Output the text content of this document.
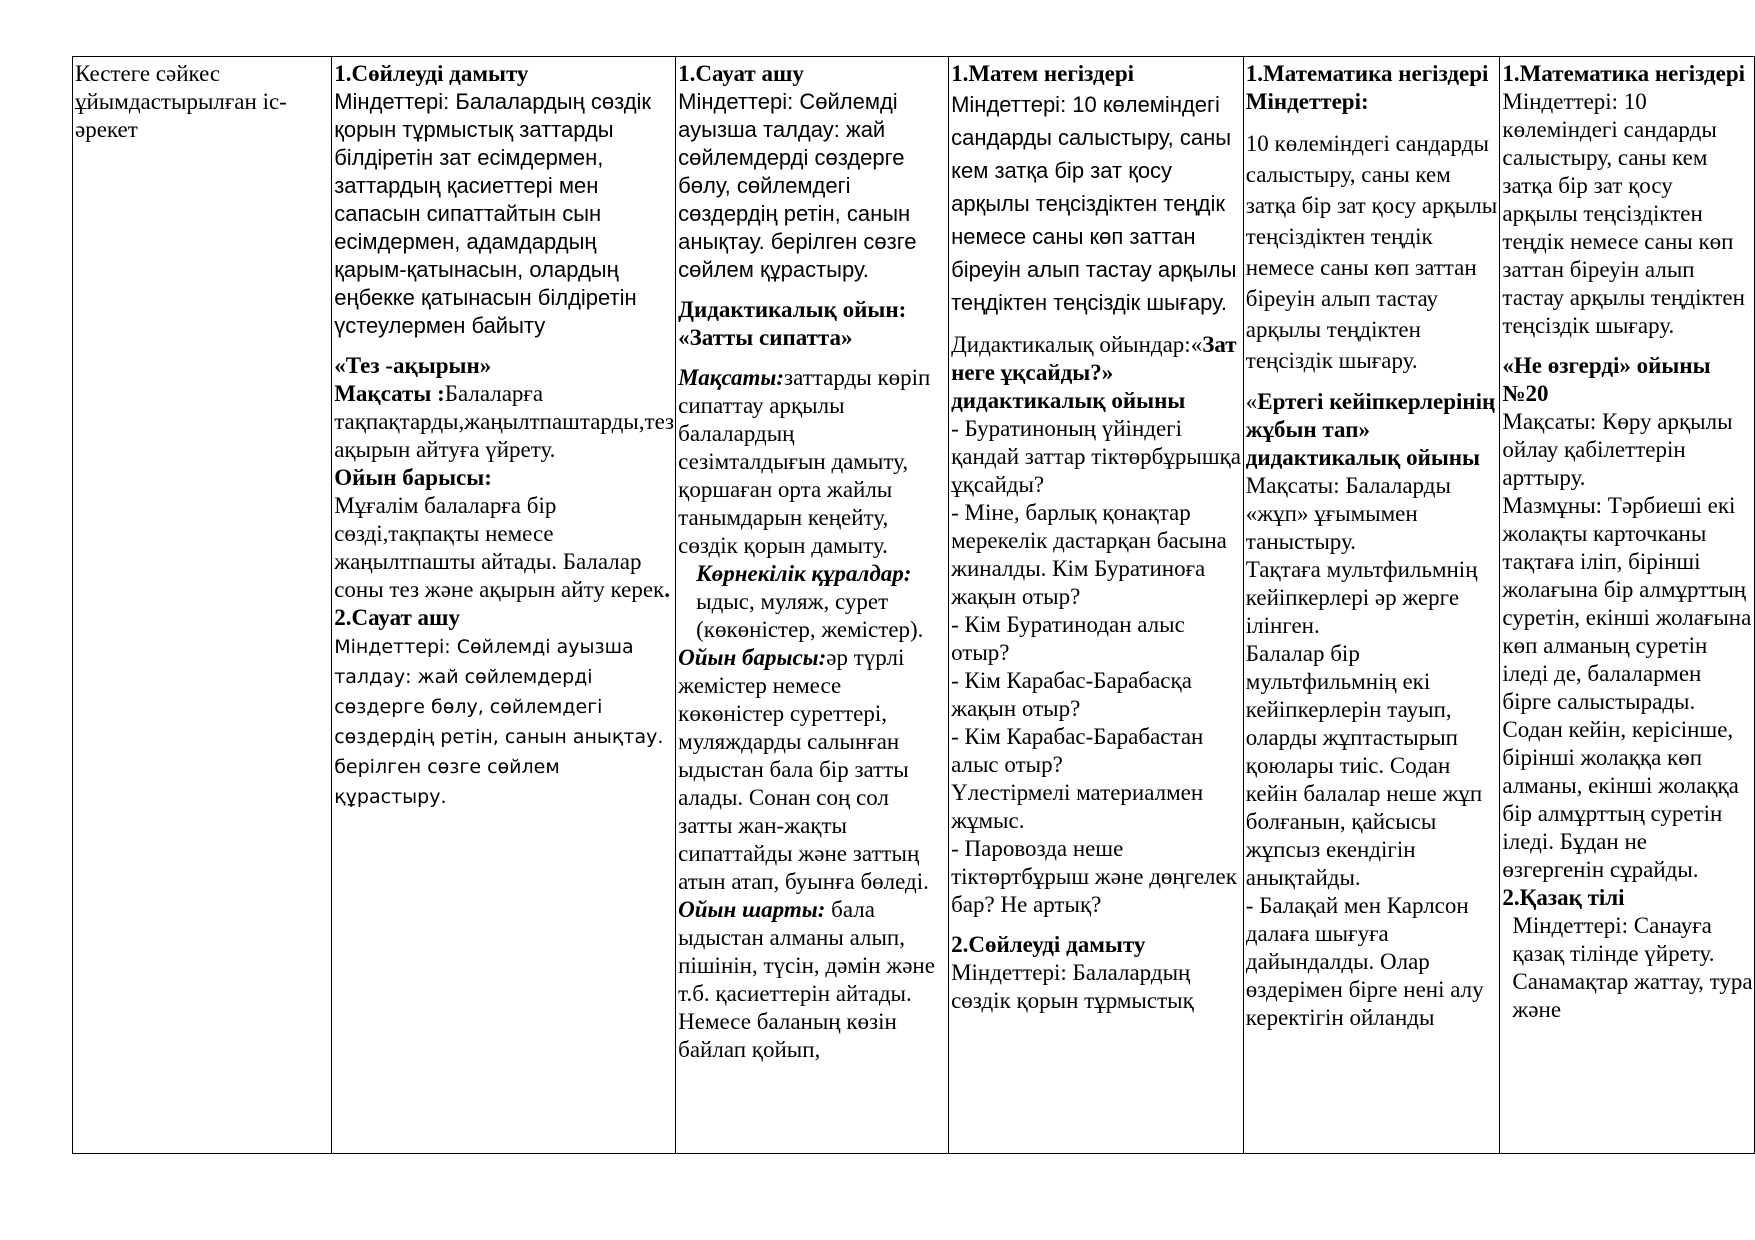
Кестеге сәйкес ұйымдастырылған іс-әрекет

1.Сөйлеуді дамыту
Міндеттері: Балалардың сөздік қорын тұрмыстық заттарды білдіретін зат есімдермен, заттардың қасиеттері мен сапасын сипаттайтын сын есімдермен, адамдардың қарым-қатынасын, олардың еңбекке қатынасын білдіретін үстеулермен байыту
«Тез -ақырын»
Мақсаты :Балаларға тақпақтарды,жаңылтпаштарды,тез ақырын айтуға үйрету.
Ойын барысы:
Мұғалім балаларға бір сөзді,тақпақты немесе жаңылтпашты айтады. Балалар соны тез және ақырын айту керек.
2.Сауат ашу
Міндеттері: Сөйлемді ауызша талдау: жай сөйлемдерді сөздерге бөлу, сөйлемдегі сөздердің ретін, санын анықтау. берілген сөзге сөйлем құрастыру.

1.Сауат ашу
Міндеттері: Сөйлемді ауызша талдау: жай сөйлемдерді сөздерге бөлу, сөйлемдегі сөздердің ретін, санын анықтау. берілген сөзге сөйлем құрастыру.
Дидактикалық ойын: «Затты сипатта»
Мақсаты:заттарды көріп сипаттау арқылы балалардың сезімталдығын дамыту, қоршаған орта жайлы танымдарын кеңейту, сөздік қорын дамыту.
Көрнекілік құралдар: ыдыс, муляж, сурет (көкөністер, жемістер).
Ойын барысы:әр түрлі жемістер немесе көкөністер суреттері, муляждарды салынған ыдыстан бала бір затты алады. Сонан соң сол затты жан-жақты сипаттайды және заттың атын атап, буынға бөледі.
Ойын шарты: бала ыдыстан алманы алып, пішінін, түсін, дәмін және т.б. қасиеттерін айтады. Немесе баланың көзін байлап қойып,

1.Матем негіздері
Міндеттері: 10 көлеміндегі сандарды салыстыру, саны кем затқа бір зат қосу арқылы теңсіздіктен теңдік немесе саны көп заттан біреуін алып тастау арқылы теңдіктен теңсіздік шығару.
Дидактикалық ойындар:«Зат неге ұқсайды?» дидактикалық ойыны
- Буратиноның үйіндегі қандай заттар тіктөрбұрышқа ұқсайды?
- Міне, барлық қонақтар мерекелік дастарқан басына жиналды. Кім Буратиноға жақын отыр?
- Кім Буратинодан алыс отыр?
- Кім Карабас-Барабасқа жақын отыр?
- Кім Карабас-Барабастан алыс отыр?
Үлестірмелі материалмен жұмыс.
- Паровозда неше тіктөртбұрыш және дөңгелек бар? Не артық?
2.Сөйлеуді дамыту
Міндеттері: Балалардың сөздік қорын тұрмыстық

1.Математика негіздері Міндеттері:
10 көлеміндегі сандарды салыстыру, саны кем затқа бір зат қосу арқылы теңсіздіктен теңдік немесе саны көп заттан біреуін алып тастау арқылы теңдіктен теңсіздік шығару.
«Ертегі кейіпкерлерінің жұбын тап» дидактикалық ойыны
Мақсаты: Балаларды «жұп» ұғымымен таныстыру.
Тақтаға мультфильмнің кейіпкерлері әр жерге ілінген.
Балалар бір мультфильмнің екі кейіпкерлерін тауып, оларды жұптастырып қоюлары тиіс. Содан кейін балалар неше жұп болғанын, қайсысы жұпсыз екендігін анықтайды.
- Балақай мен Карлсон далаға шығуға дайындалды. Олар өздерімен бірге нені алу керектігін ойланды

1.Математика негіздері
Міндеттері: 10 көлеміндегі сандарды салыстыру, саны кем затқа бір зат қосу арқылы теңсіздіктен теңдік немесе саны көп заттан біреуін алып тастау арқылы теңдіктен теңсіздік шығару.
«Не өзгерді» ойыны №20
Мақсаты: Көру арқылы ойлау қабілеттерін арттыру.
Мазмұны: Тәрбиеші екі жолақты карточканы тақтаға іліп, бірінші жолағына бір алмұрттың суретін, екінші жолағына көп алманың суретін іледі де, балалармен бірге салыстырады. Содан кейін, керісінше, бірінші жолаққа көп алманы, екінші жолаққа бір алмұрттың суретін іледі. Бұдан не өзгергенін сұрайды.
2.Қазақ тілі
Міндеттері: Санауға қазақ тілінде үйрету. Санамақтар жаттау, тура және
